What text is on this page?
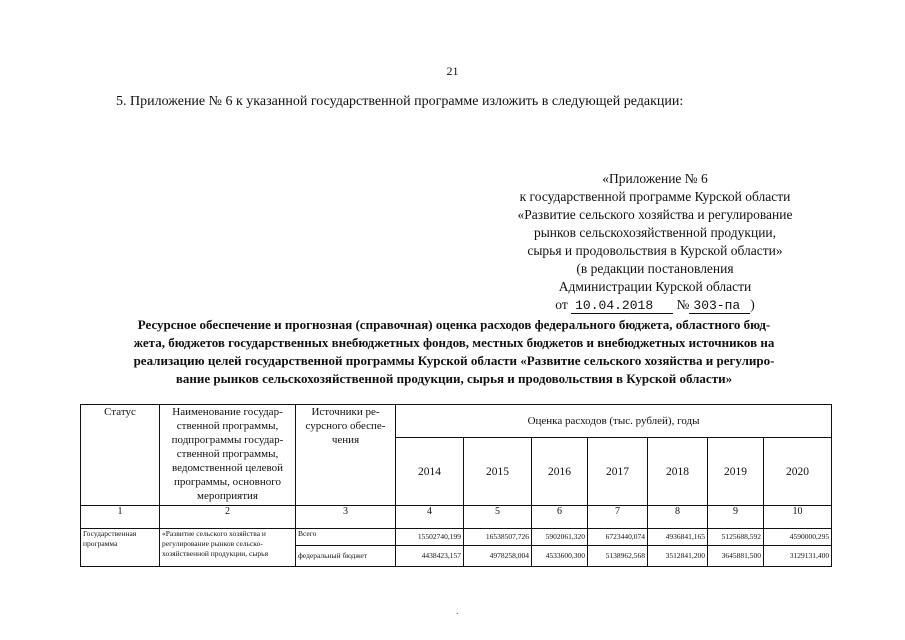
21
5. Приложение № 6 к указанной государственной программе изложить в следующей редакции:
«Приложение № 6
к государственной программе Курской области
«Развитие сельского хозяйства и регулирование
рынков сельскохозяйственной продукции,
сырья и продовольствия в Курской области»
(в редакции постановления
Администрации Курской области
от 10.04.2018 № 303-па )
Ресурсное обеспечение и прогнозная (справочная) оценка расходов федерального бюджета, областного бюд-
жета, бюджетов государственных внебюджетных фондов, местных бюджетов и внебюджетных источников на
реализацию целей государственной программы Курской области «Развитие сельского хозяйства и регулиро-
вание рынков сельскохозяйственной продукции, сырья и продовольствия в Курской области»
Статус	Наименование государ-ственной программы, подпрограммы государ-ственной программы, ведомственной целевой программы, основного мероприятия	Источники ре-сурсного обеспе-чения	Оценка расходов (тыс. рублей), годы						
			2014	2015	2016	2017	2018	2019	2020
1	2	3	4	5	6	7	8	9	10
Государственная программа	«Развитие сельского хозяйства и регулирование рынков сельско-хозяйственной продукции, сырья	Всего	15502740,199	16538507,726	5902061,320	6723440,074	4936841,165	5125688,592	4590000,295
		федеральный бюджет	4438423,157	4978258,004	4533600,300	5138962,568	3512841,200	3645881,500	3129131,400
.
